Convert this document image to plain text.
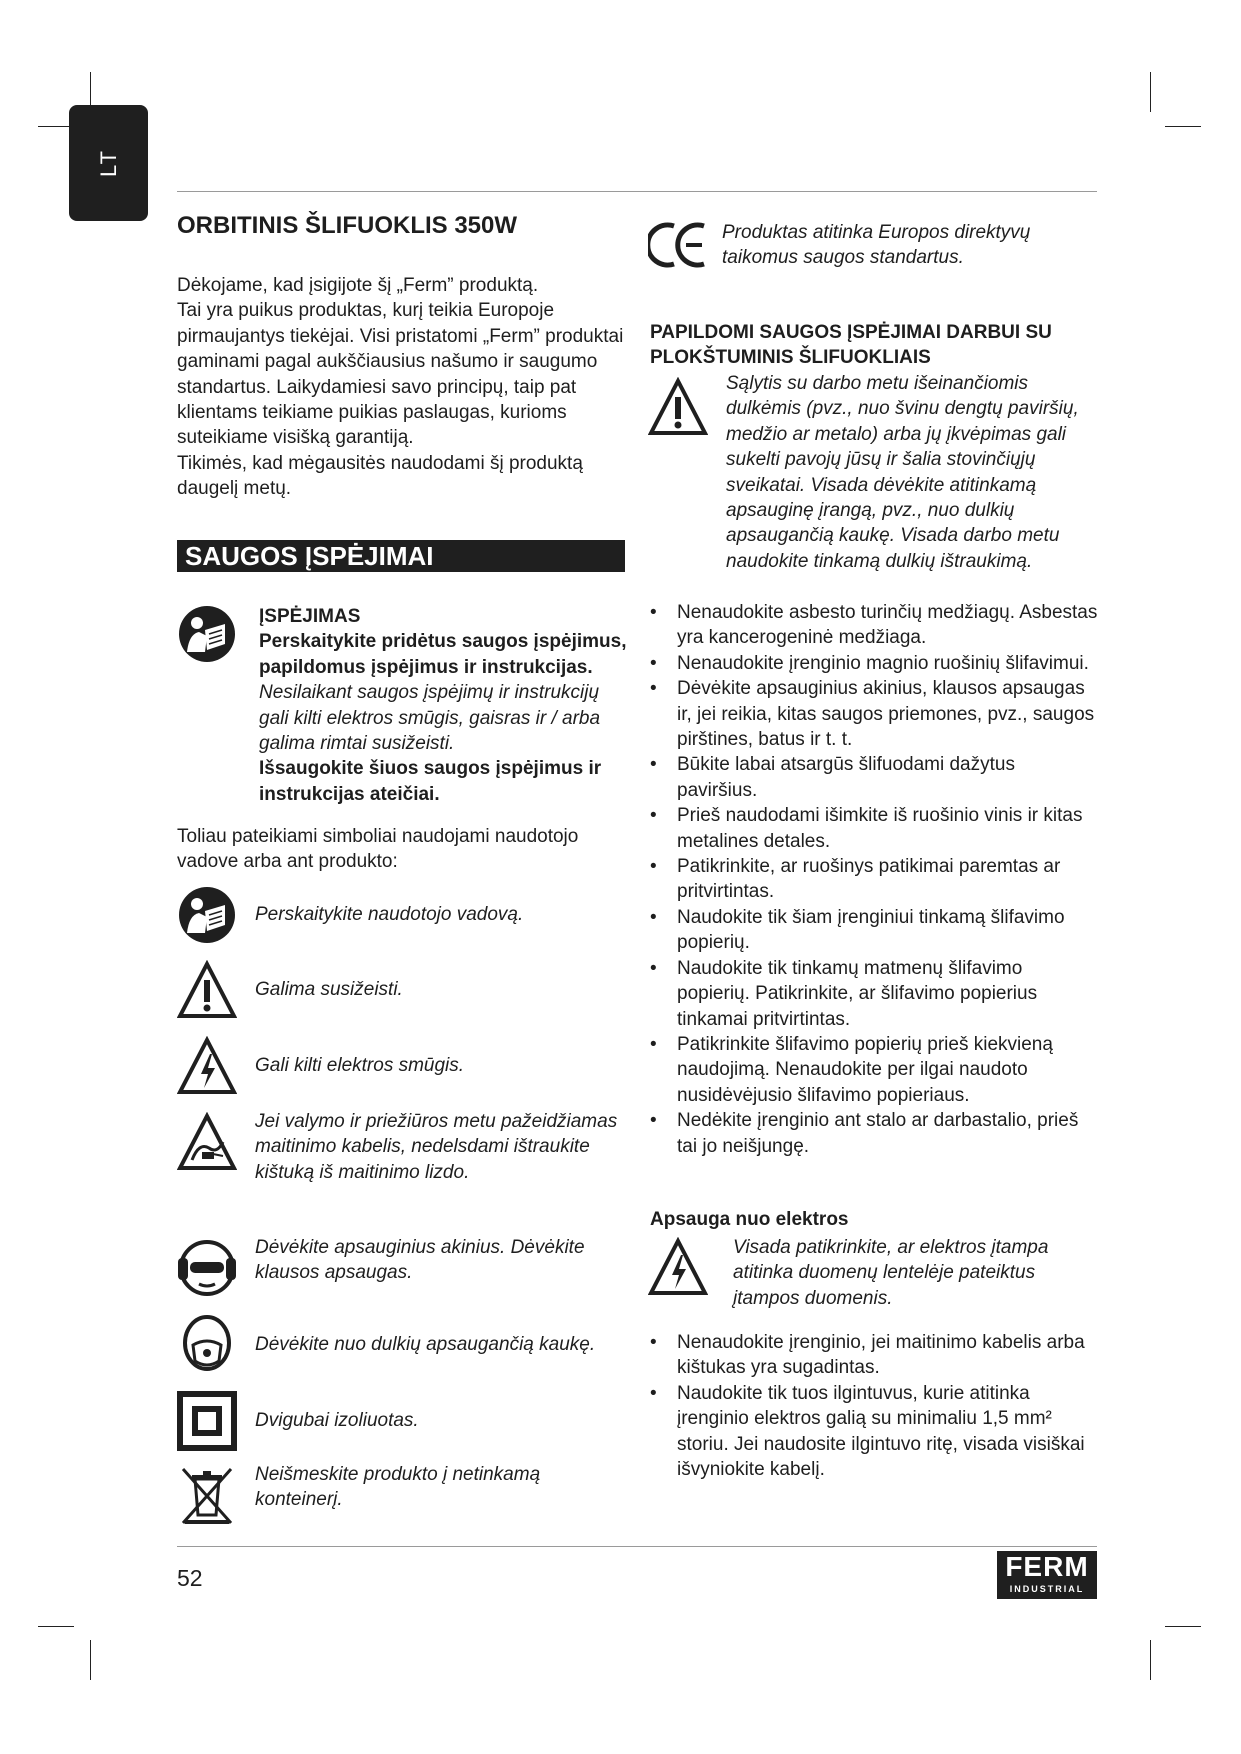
LT

ORBITINIS ŠLIFUOKLIS 350W

Dėkojame, kad įsigijote šį „Ferm” produktą.

Tai yra puikus produktas, kurį teikia Europoje pirmaujantys tiekėjai. Visi pristatomi „Ferm” produktai gaminami pagal aukščiausius našumo ir saugumo standartus. Laikydamiesi savo principų, taip pat klientams teikiame puikias paslaugas, kurioms suteikiame visišką garantiją.

Tikimės, kad mėgausitės naudodami šį produktą daugelį metų.

SAUGOS ĮSPĖJIMAI
ĮSPĖJIMAS
Perskaitykite pridėtus saugos įspėjimus, papildomus įspėjimus ir instrukcijas. Nesilaikant saugos įspėjimų ir instrukcijų gali kilti elektros smūgis, gaisras ir / arba galima rimtai susižeisti.
Išsaugokite šiuos saugos įspėjimus ir instrukcijas ateičiai.

Toliau pateikiami simboliai naudojami naudotojo vadove arba ant produkto:

Perskaitykite naudotojo vadovą.
Galima susižeisti.
Gali kilti elektros smūgis.
Jei valymo ir priežiūros metu pažeidžiamas maitinimo kabelis, nedelsdami ištraukite kištuką iš maitinimo lizdo.
Dėvėkite apsauginius akinius. Dėvėkite klausos apsaugas.
Dėvėkite nuo dulkių apsaugančią kaukę.
Dvigubai izoliuotas.
Neišmeskite produkto į netinkamą konteinerį.
Produktas atitinka Europos direktyvų taikomus saugos standartus.

PAPILDOMI SAUGOS ĮSPĖJIMAI DARBUI SU PLOKŠTUMINIS ŠLIFUOKLIAIS

Sąlytis su darbo metu išeinančiomis dulkėmis (pvz., nuo švinu dengtų paviršių, medžio ar metalo) arba jų įkvėpimas gali sukelti pavojų jūsų ir šalia stovinčiųjų sveikatai. Visada dėvėkite atitinkamą apsauginę įrangą, pvz., nuo dulkių apsaugančią kaukę. Visada darbo metu naudokite tinkamą dulkių ištraukimą.
• Nenaudokite asbesto turinčių medžiagų. Asbestas yra kancerogeninė medžiaga.
• Nenaudokite įrenginio magnio ruošinių šlifavimui.
• Dėvėkite apsauginius akinius, klausos apsaugas ir, jei reikia, kitas saugos priemones, pvz., saugos pirštines, batus ir t. t.
• Būkite labai atsargūs šlifuodami dažytus paviršius.
• Prieš naudodami išimkite iš ruošinio vinis ir kitas metalines detales.
• Patikrinkite, ar ruošinys patikimai paremtas ar pritvirtintas.
• Naudokite tik šiam įrenginiui tinkamą šlifavimo popierių.
• Naudokite tik tinkamų matmenų šlifavimo popierių. Patikrinkite, ar šlifavimo popierius tinkamai pritvirtintas.
• Patikrinkite šlifavimo popierių prieš kiekvieną naudojimą. Nenaudokite per ilgai naudoto nusidėvėjusio šlifavimo popieriaus.
• Nedėkite įrenginio ant stalo ar darbastalio, prieš tai jo neišjungę.

Apsauga nuo elektros

Visada patikrinkite, ar elektros įtampa atitinka duomenų lentelėje pateiktus įtampos duomenis.
• Nenaudokite įrenginio, jei maitinimo kabelis arba kištukas yra sugadintas.
• Naudokite tik tuos ilgintuvus, kurie atitinka įrenginio elektros galią su minimaliu 1,5 mm² storiu. Jei naudosite ilgintuvo ritę, visada visiškai išvyniokite kabelį.
52	FERM
INDUSTRIAL
